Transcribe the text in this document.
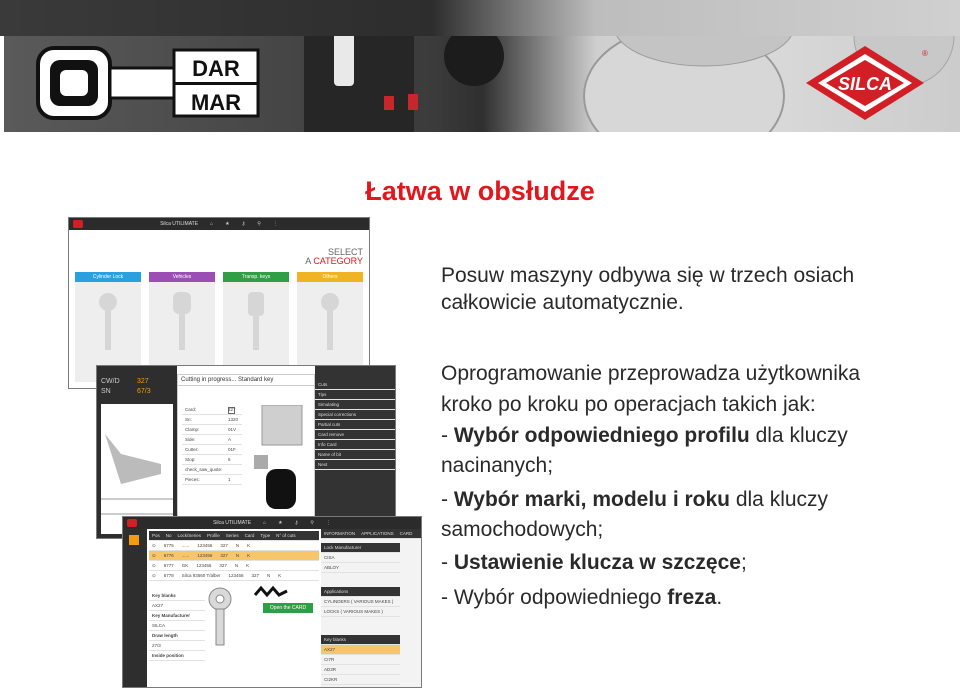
DAR
MAR
SILCA
®
Łatwa w obsłudze
Posuw maszyny odbywa się w trzech osiach
całkowicie automatycznie.
Oprogramowanie przeprowadza użytkownika
kroko po kroku po operacjach takich jak:
- Wybór odpowiedniego profilu dla kluczy
nacinanych;
- Wybór marki, modelu i roku dla kluczy
samochodowych;
- Ustawienie klucza w szczęce;
- Wybór odpowiedniego freza.
Silca UTILIMATE ⌂ ★ ⚷ ⚲ ⋮
SELECT
A CATEGORY
Cylinder Lock	Vehicles	Transp. keys	Others
CW/D
SN
327
67/3
Cutting in progress... Standard key
Card:	327
Sn:	1320
Clamp:	01V
Side:	A
Cutter:	01F
Stop:	6
check_saw_quote:
Pieces:	1
Cuts
Tips
Simulating
Special corrections
Partial cuts
Card remove
Info Card
Name of bit
Next
Silca UTILIMATE ⌂ ★ ⚷ ⚲ ⋮
Pos No Lock/Series Profile Series Card Type N° of cuts
⊙ 6775 ...... 123456 327 N K
⊙ 6776 ...... 123456 327 N K
⊙ 6777 GK 123456 327 N K
⊙ 6778 Silca 93560 T/alber 123456 327 N K
Key blanks
AX27
Key Manufacturer
SILCA
Draw length
27/3
Inside position
Open the CARD
INFORMATION APPLICATIONS CARD
Lock Manufacturer
CISA
ABLOY
Applications
CYLINDERS ( VARIOUS MAKES )
LOCKS ( VARIOUS MAKES )
Key blanks
AX27
CI7R
AD3R
CI2KR
